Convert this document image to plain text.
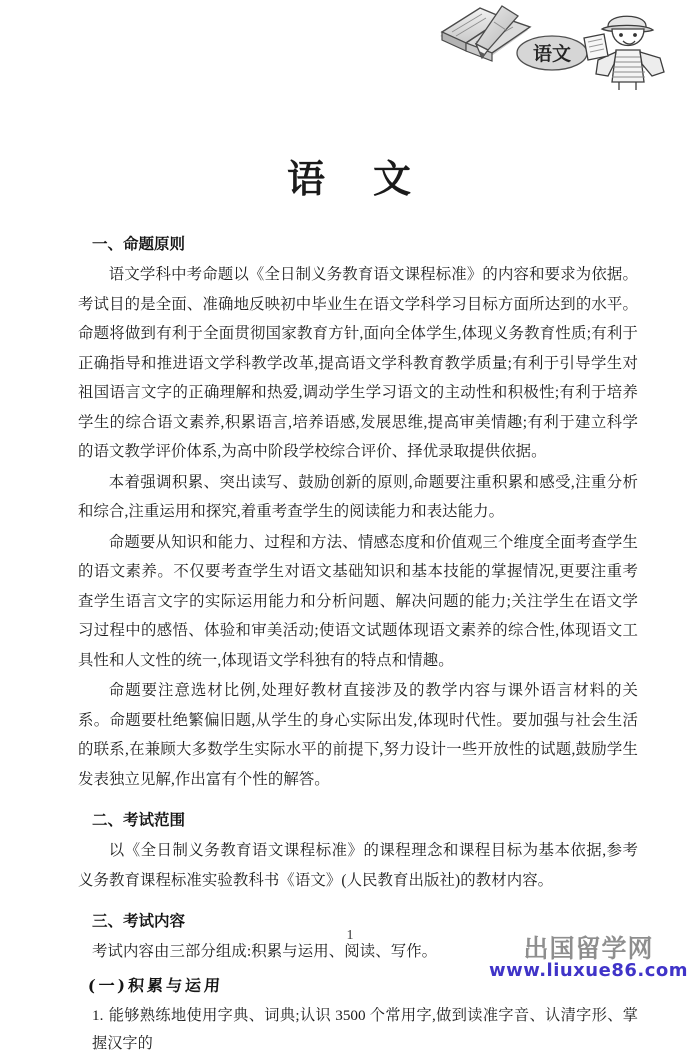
语文
语 文
一、命题原则

语文学科中考命题以《全日制义务教育语文课程标准》的内容和要求为依据。考试目的是全面、准确地反映初中毕业生在语文学科学习目标方面所达到的水平。命题将做到有利于全面贯彻国家教育方针,面向全体学生,体现义务教育性质;有利于正确指导和推进语文学科教学改革,提高语文学科教育教学质量;有利于引导学生对祖国语言文字的正确理解和热爱,调动学生学习语文的主动性和积极性;有利于培养学生的综合语文素养,积累语言,培养语感,发展思维,提高审美情趣;有利于建立科学的语文教学评价体系,为高中阶段学校综合评价、择优录取提供依据。

本着强调积累、突出读写、鼓励创新的原则,命题要注重积累和感受,注重分析和综合,注重运用和探究,着重考查学生的阅读能力和表达能力。

命题要从知识和能力、过程和方法、情感态度和价值观三个维度全面考查学生的语文素养。不仅要考查学生对语文基础知识和基本技能的掌握情况,更要注重考查学生语言文字的实际运用能力和分析问题、解决问题的能力;关注学生在语文学习过程中的感悟、体验和审美活动;使语文试题体现语文素养的综合性,体现语文工具性和人文性的统一,体现语文学科独有的特点和情趣。

命题要注意选材比例,处理好教材直接涉及的教学内容与课外语言材料的关系。命题要杜绝繁偏旧题,从学生的身心实际出发,体现时代性。要加强与社会生活的联系,在兼顾大多数学生实际水平的前提下,努力设计一些开放性的试题,鼓励学生发表独立见解,作出富有个性的解答。

二、考试范围

以《全日制义务教育语文课程标准》的课程理念和课程目标为基本依据,参考义务教育课程标准实验教科书《语文》(人民教育出版社)的教材内容。

三、考试内容

考试内容由三部分组成:积累与运用、阅读、写作。

(一)积累与运用

1. 能够熟练地使用字典、词典;认识 3500 个常用字,做到读准字音、认清字形、掌握汉字的

1	出国留学网
www.liuxue86.com
